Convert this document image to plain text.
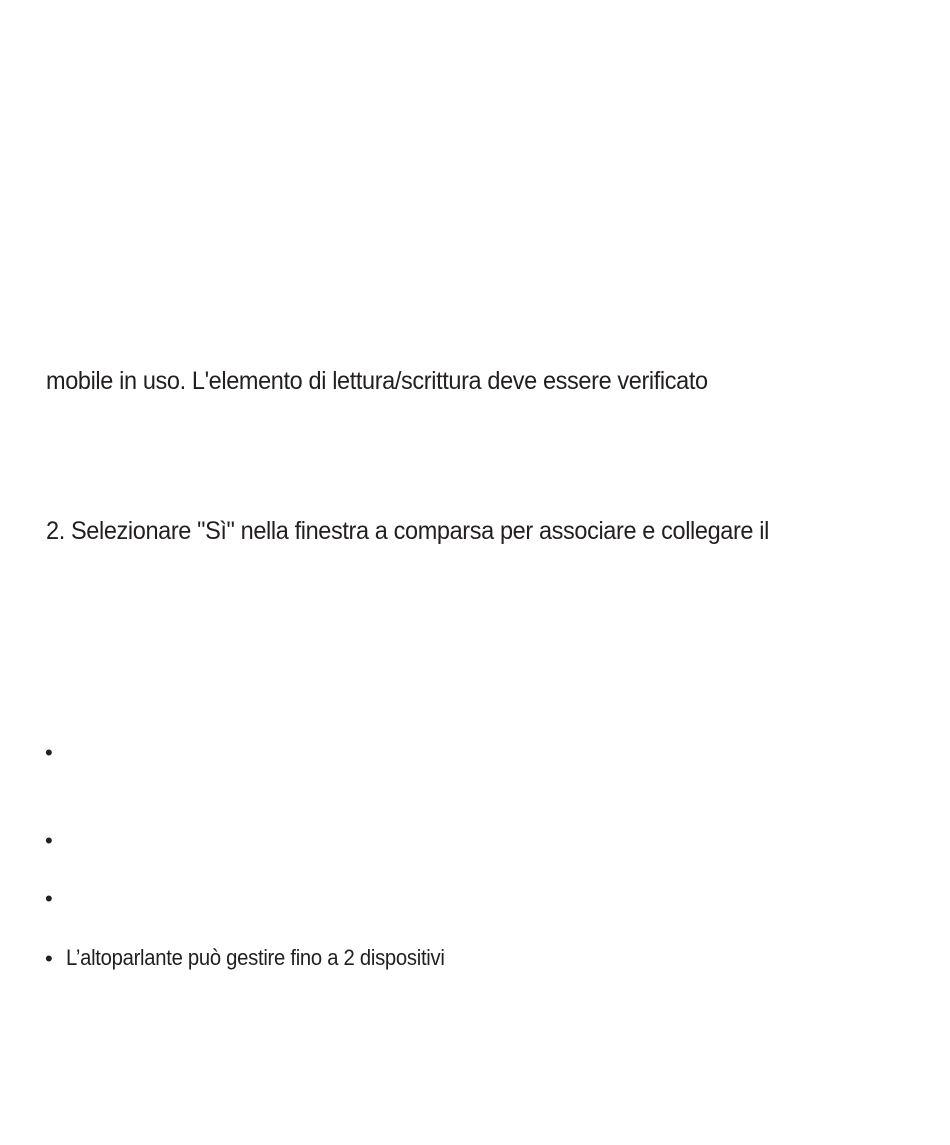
mobile in uso. L'elemento di lettura/scrittura deve essere verificato
2. Selezionare "Sì" nella finestra a comparsa per associare e collegare il
•
•
•
• L’altoparlante può gestire fino a 2 dispositivi
